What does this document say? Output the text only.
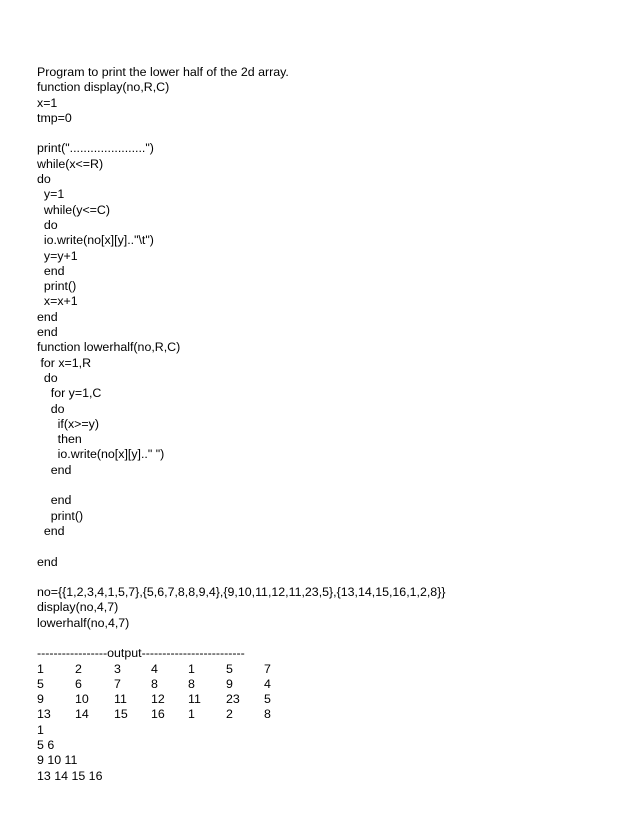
Program to print the lower half of the 2d array.
function display(no,R,C)
x=1
tmp=0
print("......................")
while(x<=R)
do
y=1
while(y<=C)
do
io.write(no[x][y].."\t")
y=y+1
end
print()
x=x+1
end
end
function lowerhalf(no,R,C)
for x=1,R
do
for y=1,C
do
if(x>=y)
then
io.write(no[x][y].." ")
end
end
print()
end
end
no={{1,2,3,4,1,5,7},{5,6,7,8,8,9,4},{9,10,11,12,11,23,5},{13,14,15,16,1,2,8}}
display(no,4,7)
lowerhalf(no,4,7)
-----------------output-------------------------
1	2	3 4 1	5	7
5	6	7 8 8	9	4
9	10 11 12 11 23 5
13 14 15 16 1	2	8
1
5 6
9 10 11
13 14 15 16
